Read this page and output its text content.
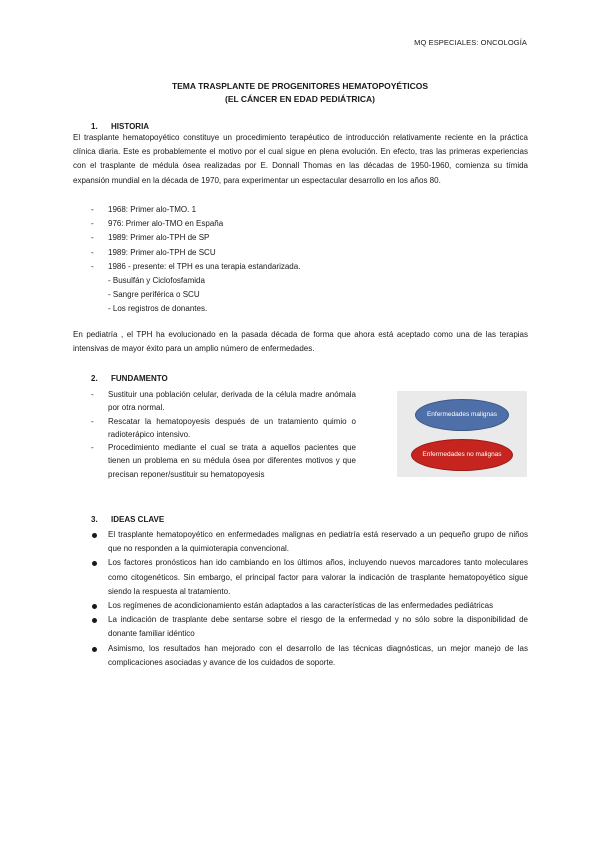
MQ ESPECIALES: ONCOLOGÍA
TEMA TRASPLANTE DE PROGENITORES HEMATOPOYÉTICOS
(EL CÁNCER EN EDAD PEDIÁTRICA)
1. HISTORIA
El trasplante hematopoyético constituye un procedimiento terapéutico de introducción relativamente reciente en la práctica clínica diaria. Este es probablemente el motivo por el cual sigue en plena evolución. En efecto, tras las primeras experiencias con el trasplante de médula ósea realizadas por E. Donnall Thomas en las décadas de 1950-1960, comienza su tímida expansión mundial en la década de 1970, para experimentar un espectacular desarrollo en los años 80.
- 1968: Primer alo-TMO. 1
- 976: Primer alo-TMO en España
- 1989: Primer alo-TPH de SP
- 1989: Primer alo-TPH de SCU
- 1986 - presente: el TPH es una terapia estandarizada.
- Busulfán y Ciclofosfamida
- Sangre periférica o SCU
- Los registros de donantes.
En pediatría , el TPH ha evolucionado en la pasada década de forma que ahora está aceptado como una de las terapias intensivas de mayor éxito para un amplio número de enfermedades.
2. FUNDAMENTO
- Sustituir una población celular, derivada de la célula madre anómala por otra normal.
- Rescatar la hematopoyesis después de un tratamiento quimio o radioterápico intensivo.
- Procedimiento mediante el cual se trata a aquellos pacientes que tienen un problema en su médula ósea por diferentes motivos y que precisan reponer/sustituir su hematopoyesis
Enfermedades malignas
Enfermedades no malignas
3. IDEAS CLAVE
El trasplante hematopoyético en enfermedades malignas en pediatría está reservado a un pequeño grupo de niños que no responden a la quimioterapia convencional.
Los factores pronósticos han ido cambiando en los últimos años, incluyendo nuevos marcadores tanto moleculares como citogenéticos. Sin embargo, el principal factor para valorar la indicación de trasplante hematopoyético sigue siendo la respuesta al tratamiento.
Los regímenes de acondicionamiento están adaptados a las características de las enfermedades pediátricas
La indicación de trasplante debe sentarse sobre el riesgo de la enfermedad y no sólo sobre la disponibilidad de donante familiar idéntico
Asimismo, los resultados han mejorado con el desarrollo de las técnicas diagnósticas, un mejor manejo de las complicaciones asociadas y avance de los cuidados de soporte.
